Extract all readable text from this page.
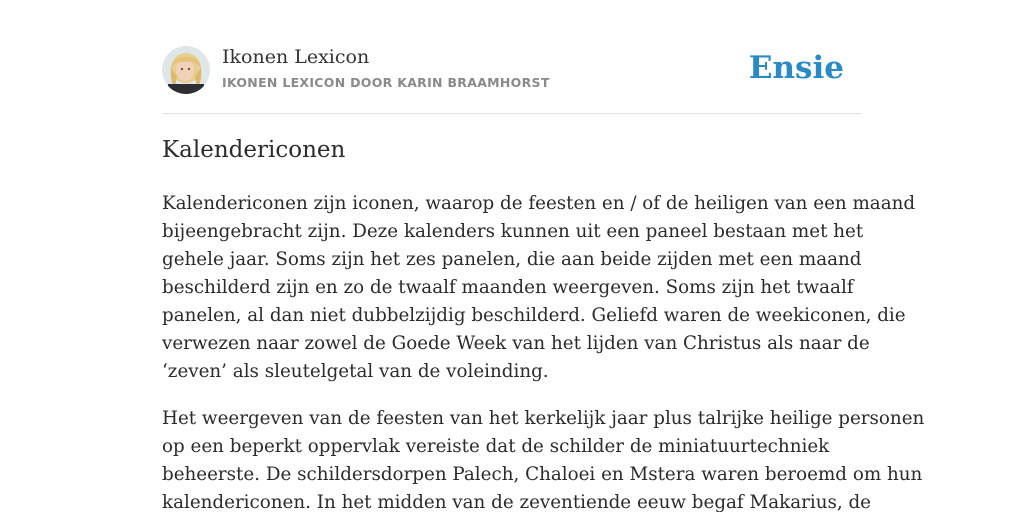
Ikonen Lexicon
IKONEN LEXICON DOOR KARIN BRAAMHORST	Ensie
Kalendericonen
Kalendericonen zijn iconen, waarop de feesten en / of de heiligen van een maand
bijeengebracht zijn. Deze kalenders kunnen uit een paneel bestaan met het
gehele jaar. Soms zijn het zes panelen, die aan beide zijden met een maand
beschilderd zijn en zo de twaalf maanden weergeven. Soms zijn het twaalf
panelen, al dan niet dubbelzijdig beschilderd. Geliefd waren de weekiconen, die
verwezen naar zowel de Goede Week van het lijden van Christus als naar de
‘zeven’ als sleutelgetal van de voleinding.
Het weergeven van de feesten van het kerkelijk jaar plus talrijke heilige personen
op een beperkt oppervlak vereiste dat de schilder de miniatuurtechniek
beheerste. De schildersdorpen Palech, Chaloei en Mstera waren beroemd om hun
kalendericonen. In het midden van de zeventiende eeuw begaf Makarius, de
